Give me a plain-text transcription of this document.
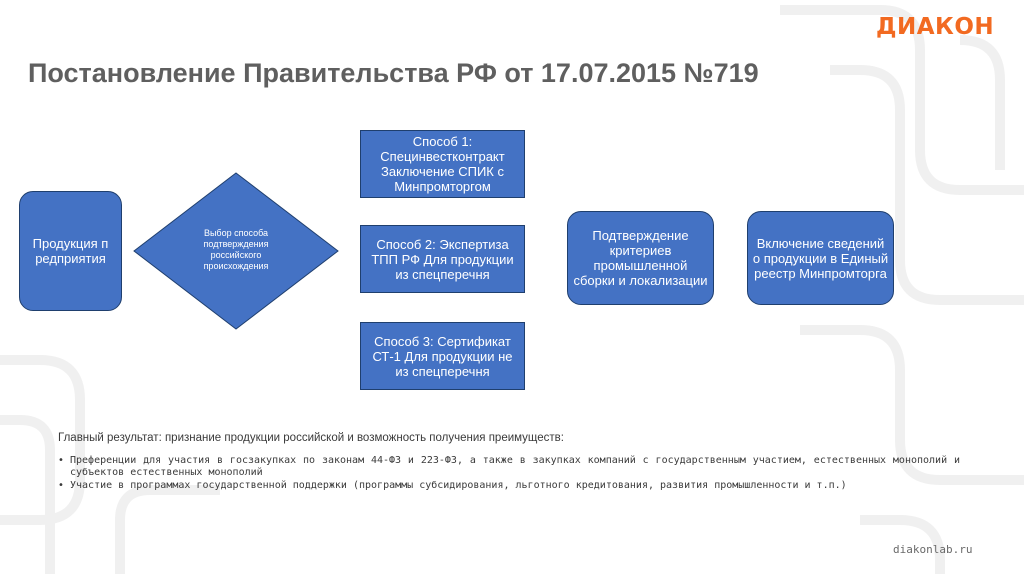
ДИАКОН
Постановление Правительства РФ от 17.07.2015 №719
Продукция предприятия
Выбор способа подтверждения российского происхождения
Способ 1: Специнвестконтракт Заключение СПИК с Минпромторгом
Способ 2: Экспертиза ТПП РФ Для продукции из спецперечня
Способ 3: Сертификат СТ-1 Для продукции не из спецперечня
Подтверждение критериев промышленной сборки и локализации
Включение сведений о продукции в Единый реестр Минпромторга
Главный результат: признание продукции российской и возможность получения преимуществ:
• Преференции для участия в госзакупках по законам 44-ФЗ и 223-ФЗ, а также в закупках компаний с государственным участием, естественных монополий и субъектов естественных монополий
• Участие в программах государственной поддержки (программы субсидирования, льготного кредитования, развития промышленности и т.п.)
diakonlab.ru
